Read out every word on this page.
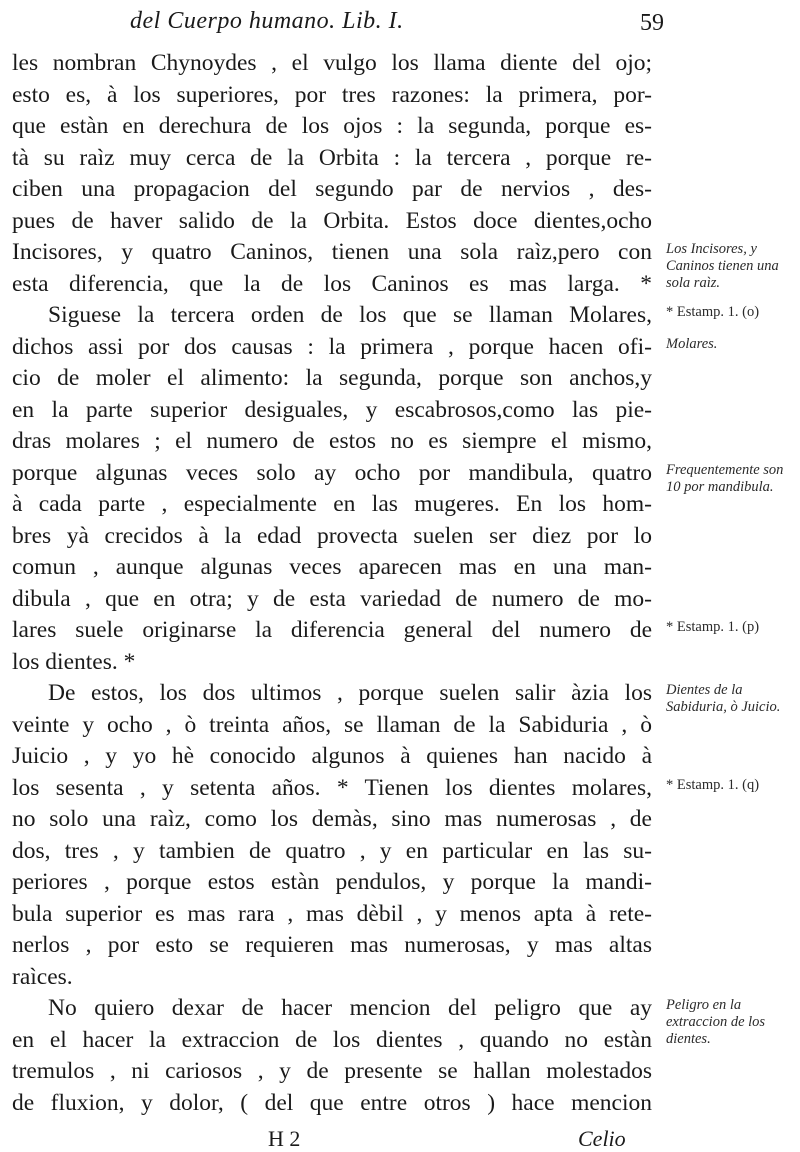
del Cuerpo humano. Lib. I.	59
les nombran Chynoydes , el vulgo los llama diente del ojo;
esto es, à los superiores, por tres razones: la primera, por-
que estàn en derechura de los ojos : la segunda, porque es-
tà su raìz muy cerca de la Orbita : la tercera , porque re-
ciben una propagacion del segundo par de nervios , des-
pues de haver salido de la Orbita. Estos doce dientes,ocho
Incisores, y quatro Caninos, tienen una sola raìz,pero con
esta diferencia, que la de los Caninos es mas larga. *
Siguese la tercera orden de los que se llaman Molares,
dichos assi por dos causas : la primera , porque hacen ofi-
cio de moler el alimento: la segunda, porque son anchos,y
en la parte superior desiguales, y escabrosos,como las pie-
dras molares ; el numero de estos no es siempre el mismo,
porque algunas veces solo ay ocho por mandibula, quatro
à cada parte , especialmente en las mugeres. En los hom-
bres yà crecidos à la edad provecta suelen ser diez por lo
comun , aunque algunas veces aparecen mas en una man-
dibula , que en otra; y de esta variedad de numero de mo-
lares suele originarse la diferencia general del numero de
los dientes. *
De estos, los dos ultimos , porque suelen salir àzia los
veinte y ocho , ò treinta años, se llaman de la Sabiduria , ò
Juicio , y yo hè conocido algunos à quienes han nacido à
los sesenta , y setenta años. * Tienen los dientes molares,
no solo una raìz, como los demàs, sino mas numerosas , de
dos, tres , y tambien de quatro , y en particular en las su-
periores , porque estos estàn pendulos, y porque la mandi-
bula superior es mas rara , mas dèbil , y menos apta à rete-
nerlos , por esto se requieren mas numerosas, y mas altas
raìces.
No quiero dexar de hacer mencion del peligro que ay
en el hacer la extraccion de los dientes , quando no estàn
tremulos , ni cariosos , y de presente se hallan molestados
de fluxion, y dolor, ( del que entre otros ) hace mencion
Los Incisores, y Caninos tienen una sola raìz.
* Estamp. 1. (o)
Molares.
Frequentemente son 10 por mandibula.
* Estamp. 1. (p)
Dientes de la Sabiduria, ò Juicio.
* Estamp. 1. (q)
Peligro en la extraccion de los dientes.
H 2	Celio
